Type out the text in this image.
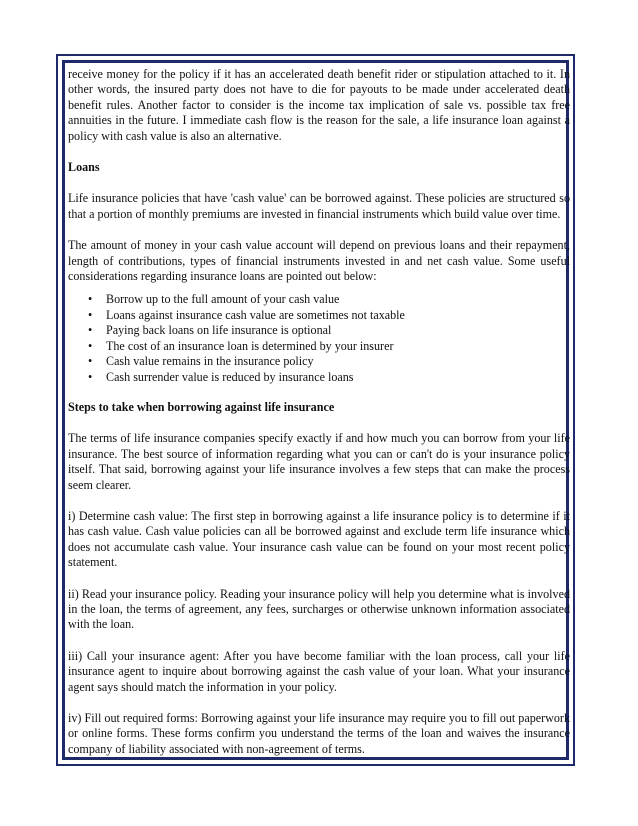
receive money for the policy if it has an accelerated death benefit rider or stipulation attached to it. In other words, the insured party does not have to die for payouts to be made under accelerated death benefit rules. Another factor to consider is the income tax implication of sale vs. possible tax free annuities in the future. I immediate cash flow is the reason for the sale, a life insurance loan against a policy with cash value is also an alternative.

Loans

Life insurance policies that have 'cash value' can be borrowed against. These policies are structured so that a portion of monthly premiums are invested in financial instruments which build value over time.

The amount of money in your cash value account will depend on previous loans and their repayment, length of contributions, types of financial instruments invested in and net cash value. Some useful considerations regarding insurance loans are pointed out below:

• Borrow up to the full amount of your cash value
• Loans against insurance cash value are sometimes not taxable
• Paying back loans on life insurance is optional
• The cost of an insurance loan is determined by your insurer
• Cash value remains in the insurance policy
• Cash surrender value is reduced by insurance loans
Steps to take when borrowing against life insurance

The terms of life insurance companies specify exactly if and how much you can borrow from your life insurance. The best source of information regarding what you can or can't do is your insurance policy itself. That said, borrowing against your life insurance involves a few steps that can make the process seem clearer.

i) Determine cash value: The first step in borrowing against a life insurance policy is to determine if it has cash value. Cash value policies can all be borrowed against and exclude term life insurance which does not accumulate cash value. Your insurance cash value can be found on your most recent policy statement.

ii) Read your insurance policy. Reading your insurance policy will help you determine what is involved in the loan, the terms of agreement, any fees, surcharges or otherwise unknown information associated with the loan.

iii) Call your insurance agent: After you have become familiar with the loan process, call your life insurance agent to inquire about borrowing against the cash value of your loan. What your insurance agent says should match the information in your policy.

iv) Fill out required forms: Borrowing against your life insurance may require you to fill out paperwork or online forms. These forms confirm you understand the terms of the loan and waives the insurance company of liability associated with non-agreement of terms.
